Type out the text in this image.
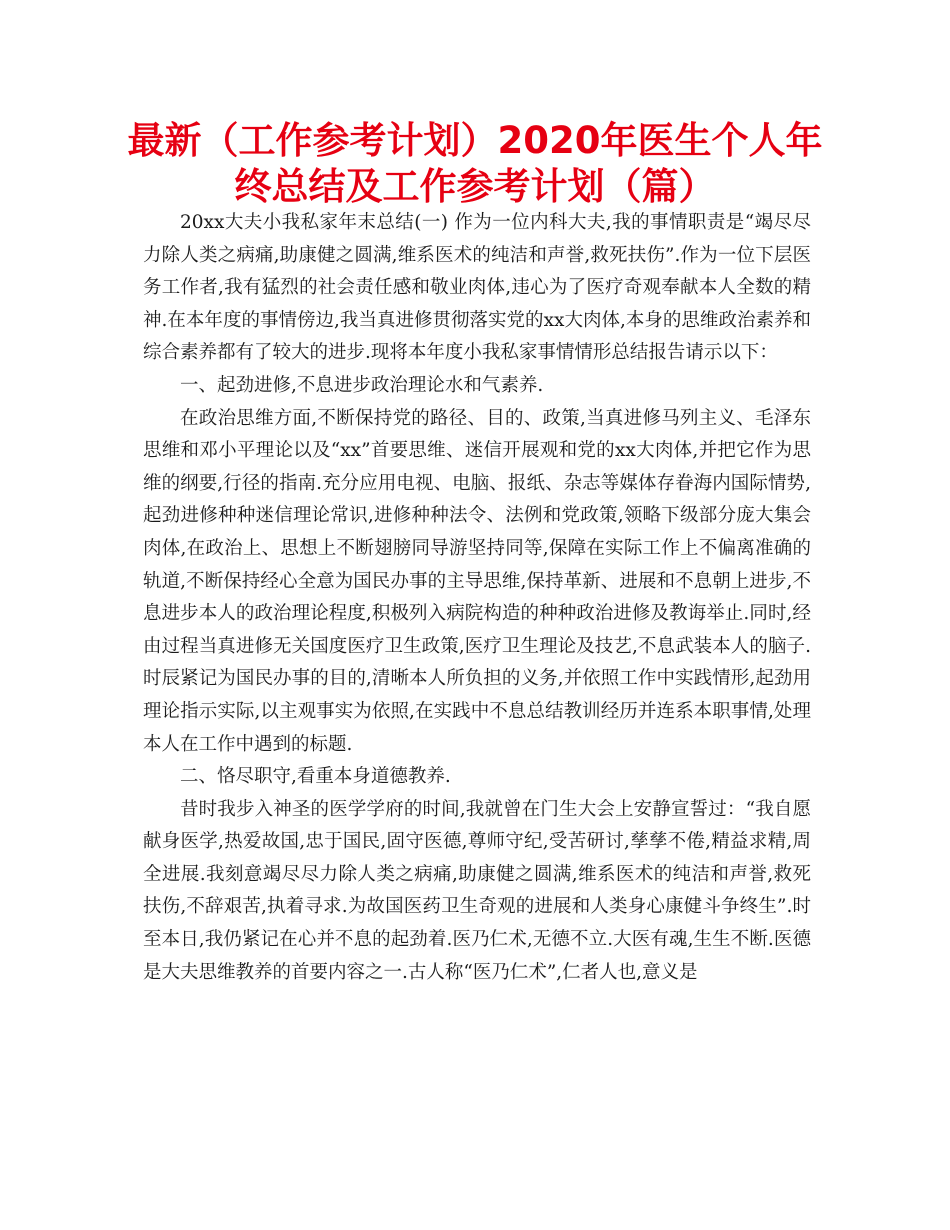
最新（工作参考计划）2020年医生个人年终总结及工作参考计划（篇）

20xx大夫小我私家年末总结(一) 作为一位内科大夫,我的事情职责是“竭尽尽力除人类之病痛,助康健之圆满,维系医术的纯洁和声誉,救死扶伤”.作为一位下层医务工作者,我有猛烈的社会责任感和敬业肉体,违心为了医疗奇观奉献本人全数的精神.在本年度的事情傍边,我当真进修贯彻落实党的xx大肉体,本身的思维政治素养和综合素养都有了较大的进步.现将本年度小我私家事情情形总结报告请示以下：

一、起劲进修,不息进步政治理论水和气素养.

在政治思维方面,不断保持党的路径、目的、政策,当真进修马列主义、毛泽东思维和邓小平理论以及“xx”首要思维、迷信开展观和党的xx大肉体,并把它作为思维的纲要,行径的指南.充分应用电视、电脑、报纸、杂志等媒体存眷海内国际情势,起劲进修种种迷信理论常识,进修种种法令、法例和党政策,领略下级部分庞大集会肉体,在政治上、思想上不断翅膀同导游坚持同等,保障在实际工作上不偏离准确的轨道,不断保持经心全意为国民办事的主导思维,保持革新、进展和不息朝上进步,不息进步本人的政治理论程度,积极列入病院构造的种种政治进修及教诲举止.同时,经由过程当真进修无关国度医疗卫生政策,医疗卫生理论及技艺,不息武装本人的脑子.时辰紧记为国民办事的目的,清晰本人所负担的义务,并依照工作中实践情形,起劲用理论指示实际,以主观事实为依照,在实践中不息总结教训经历并连系本职事情,处理本人在工作中遇到的标题.

二、恪尽职守,看重本身道德教养.

昔时我步入神圣的医学学府的时间,我就曾在门生大会上安静宣誓过：“我自愿献身医学,热爱故国,忠于国民,固守医德,尊师守纪,受苦研讨,孳孳不倦,精益求精,周全进展.我刻意竭尽尽力除人类之病痛,助康健之圆满,维系医术的纯洁和声誉,救死扶伤,不辞艰苦,执着寻求.为故国医药卫生奇观的进展和人类身心康健斗争终生”.时至本日,我仍紧记在心并不息的起劲着.医乃仁术,无德不立.大医有魂,生生不断.医德是大夫思维教养的首要内容之一.古人称“医乃仁术”,仁者人也,意义是
